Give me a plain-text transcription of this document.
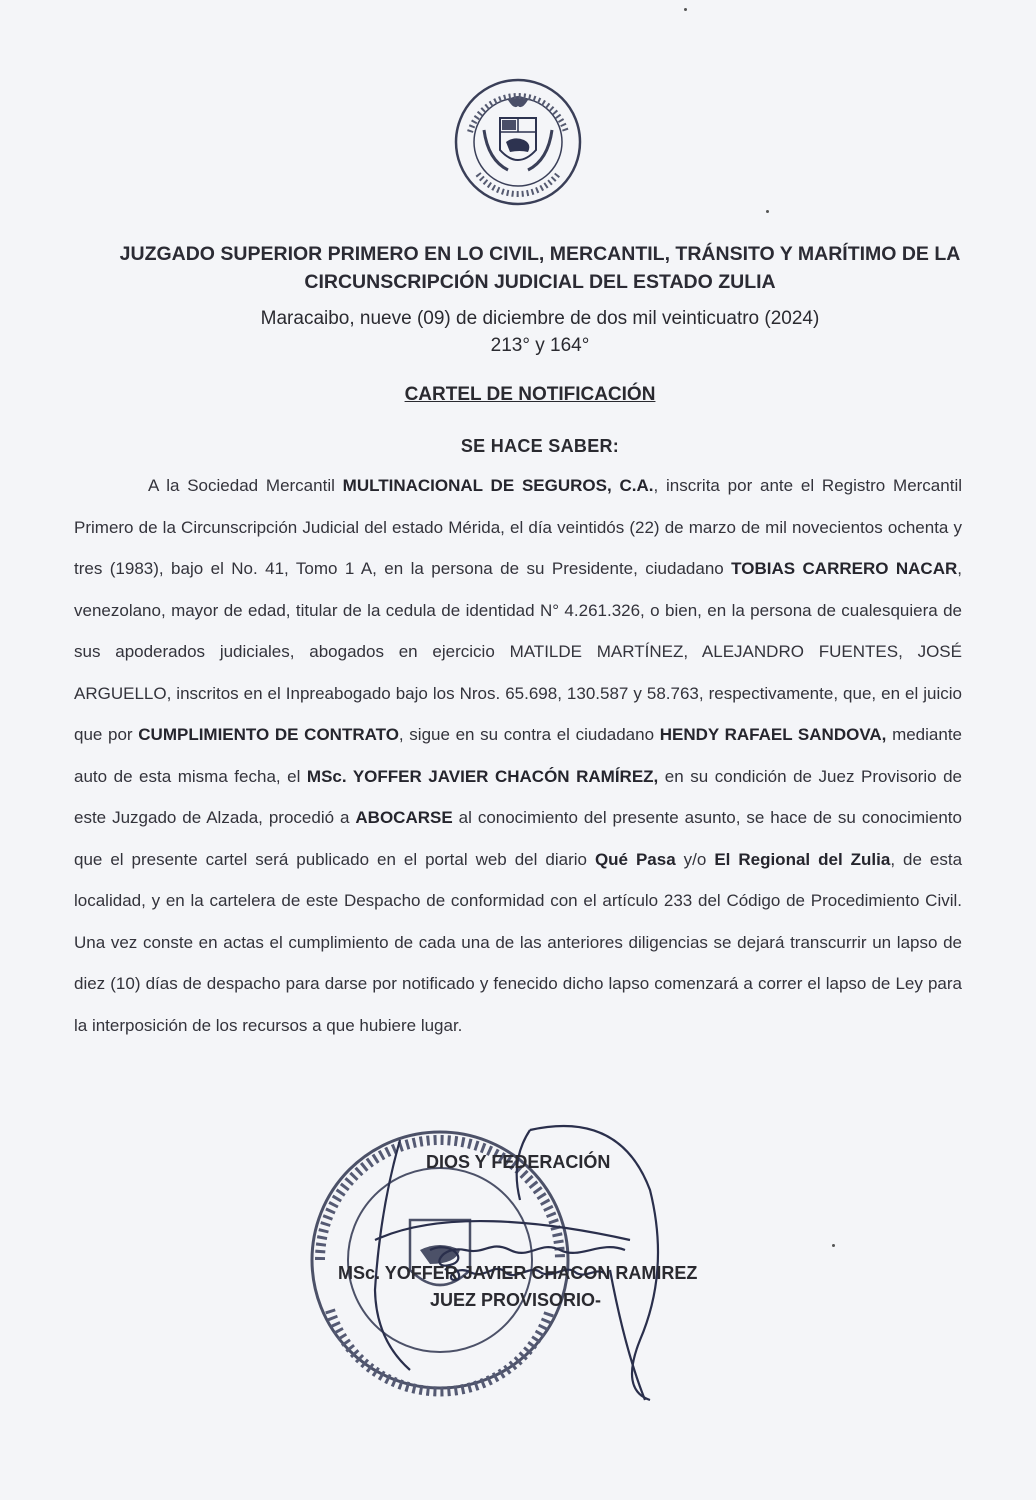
JUZGADO SUPERIOR PRIMERO EN LO CIVIL, MERCANTIL, TRÁNSITO Y MARÍTIMO DE LA
CIRCUNSCRIPCIÓN JUDICIAL DEL ESTADO ZULIA
Maracaibo, nueve (09) de diciembre de dos mil veinticuatro (2024)
213° y 164°
CARTEL DE NOTIFICACIÓN
SE HACE SABER:
A la Sociedad Mercantil MULTINACIONAL DE SEGUROS, C.A., inscrita por ante el Registro Mercantil Primero de la Circunscripción Judicial del estado Mérida, el día veintidós (22) de marzo de mil novecientos ochenta y tres (1983), bajo el No. 41, Tomo 1 A, en la persona de su Presidente, ciudadano TOBIAS CARRERO NACAR, venezolano, mayor de edad, titular de la cedula de identidad N° 4.261.326, o bien, en la persona de cualesquiera de sus apoderados judiciales, abogados en ejercicio MATILDE MARTÍNEZ, ALEJANDRO FUENTES, JOSÉ ARGUELLO, inscritos en el Inpreabogado bajo los Nros. 65.698, 130.587 y 58.763, respectivamente, que, en el juicio que por CUMPLIMIENTO DE CONTRATO, sigue en su contra el ciudadano HENDY RAFAEL SANDOVA, mediante auto de esta misma fecha, el MSc. YOFFER JAVIER CHACÓN RAMÍREZ, en su condición de Juez Provisorio de este Juzgado de Alzada, procedió a ABOCARSE al conocimiento del presente asunto, se hace de su conocimiento que el presente cartel será publicado en el portal web del diario Qué Pasa y/o El Regional del Zulia, de esta localidad, y en la cartelera de este Despacho de conformidad con el artículo 233 del Código de Procedimiento Civil. Una vez conste en actas el cumplimiento de cada una de las anteriores diligencias se dejará transcurrir un lapso de diez (10) días de despacho para darse por notificado y fenecido dicho lapso comenzará a correr el lapso de Ley para la interposición de los recursos a que hubiere lugar.
DIOS Y FEDERACIÓN
MSc. YOFFER JAVIER CHACON RAMIREZ
JUEZ PROVISORIO-
